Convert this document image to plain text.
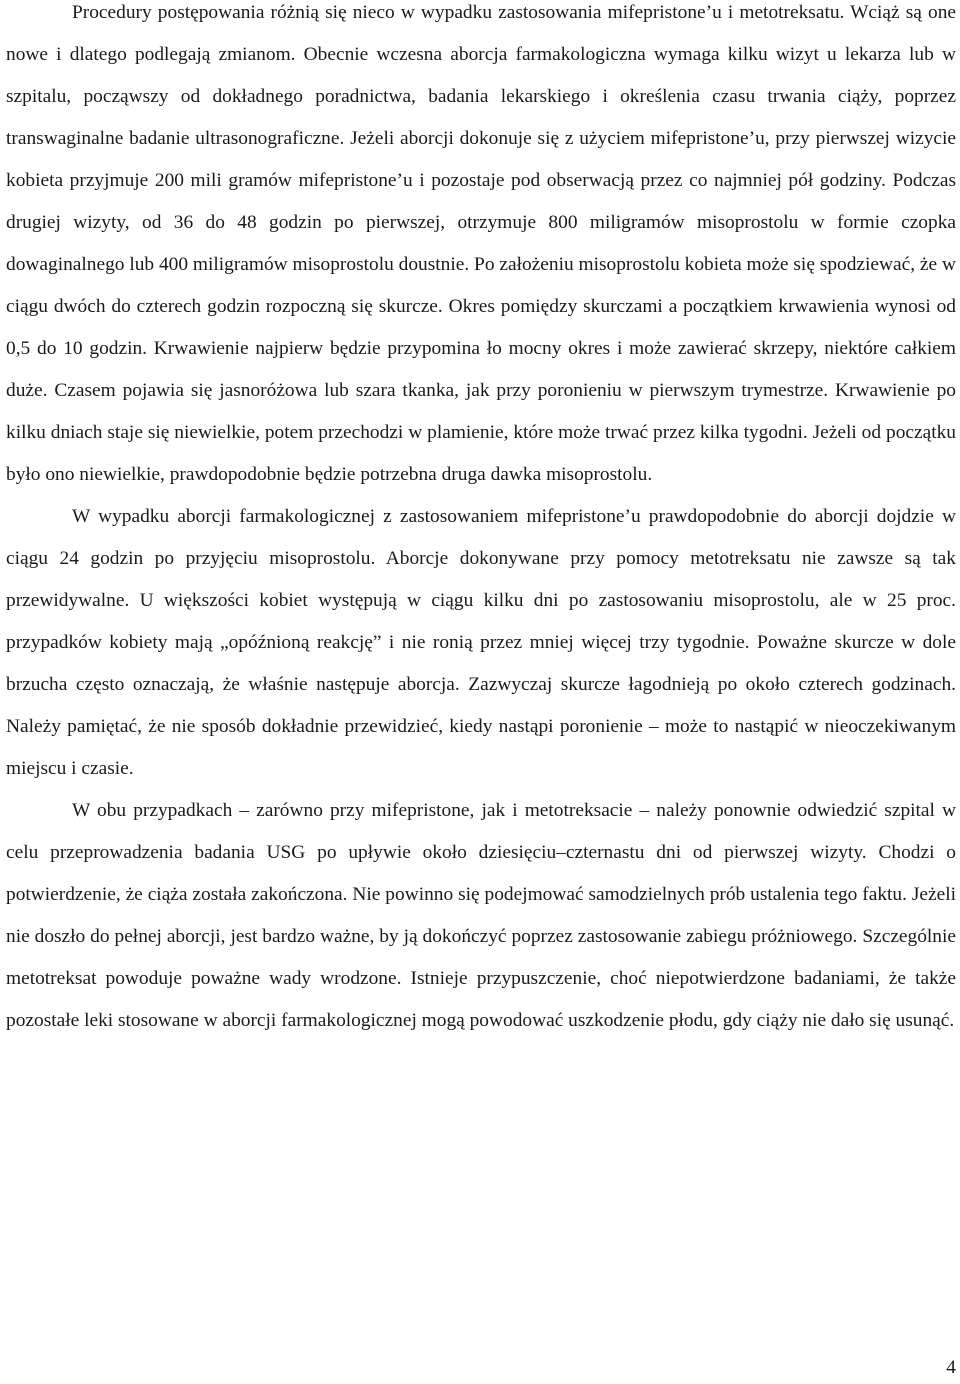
Procedury postępowania różnią się nieco w wypadku zastosowania mifepristone’u i metotreksatu. Wciąż są one nowe i dlatego podlegają zmianom. Obecnie wczesna aborcja farmakologiczna wymaga kilku wizyt u lekarza lub w szpitalu, począwszy od dokładnego poradnictwa, badania lekarskiego i określenia czasu trwania ciąży, poprzez transwaginalne badanie ultrasonograficzne. Jeżeli aborcji dokonuje się z użyciem mifepristone’u, przy pierwszej wizycie kobieta przyjmuje 200 mili gramów mifepristone’u i pozostaje pod obserwacją przez co najmniej pół godziny. Podczas drugiej wizyty, od 36 do 48 godzin po pierwszej, otrzymuje 800 miligramów misoprostolu w formie czopka dowaginalnego lub 400 miligramów misoprostolu doustnie. Po założeniu misoprostolu kobieta może się spodziewać, że w ciągu dwóch do czterech godzin rozpoczną się skurcze. Okres pomiędzy skurczami a początkiem krwawienia wynosi od 0,5 do 10 godzin. Krwawienie najpierw będzie przypomina ło mocny okres i może zawierać skrzepy, niektóre całkiem duże. Czasem pojawia się jasnoróżowa lub szara tkanka, jak przy poronieniu w pierwszym trymestrze. Krwawienie po kilku dniach staje się niewielkie, potem przechodzi w plamienie, które może trwać przez kilka tygodni. Jeżeli od początku było ono niewielkie, prawdopodobnie będzie potrzebna druga dawka misoprostolu.

W wypadku aborcji farmakologicznej z zastosowaniem mifepristone’u prawdopodobnie do aborcji dojdzie w ciągu 24 godzin po przyjęciu misoprostolu. Aborcje dokonywane przy pomocy metotreksatu nie zawsze są tak przewidywalne. U większości kobiet występują w ciągu kilku dni po zastosowaniu misoprostolu, ale w 25 proc. przypadków kobiety mają „opóźnioną reakcję” i nie ronią przez mniej więcej trzy tygodnie. Poważne skurcze w dole brzucha często oznaczają, że właśnie następuje aborcja. Zazwyczaj skurcze łagodnieją po około czterech godzinach. Należy pamiętać, że nie sposób dokładnie przewidzieć, kiedy nastąpi poronienie – może to nastąpić w nieoczekiwanym miejscu i czasie.

W obu przypadkach – zarówno przy mifepristone, jak i metotreksacie – należy ponownie odwiedzić szpital w celu przeprowadzenia badania USG po upływie około dziesięciu–czternastu dni od pierwszej wizyty. Chodzi o potwierdzenie, że ciąża została zakończona. Nie powinno się podejmować samodzielnych prób ustalenia tego faktu. Jeżeli nie doszło do pełnej aborcji, jest bardzo ważne, by ją dokończyć poprzez zastosowanie zabiegu próżniowego. Szczególnie metotreksat powoduje poważne wady wrodzone. Istnieje przypuszczenie, choć niepotwierdzone badaniami, że także pozostałe leki stosowane w aborcji farmakologicznej mogą powodować uszkodzenie płodu, gdy ciąży nie dało się usunąć.

4
